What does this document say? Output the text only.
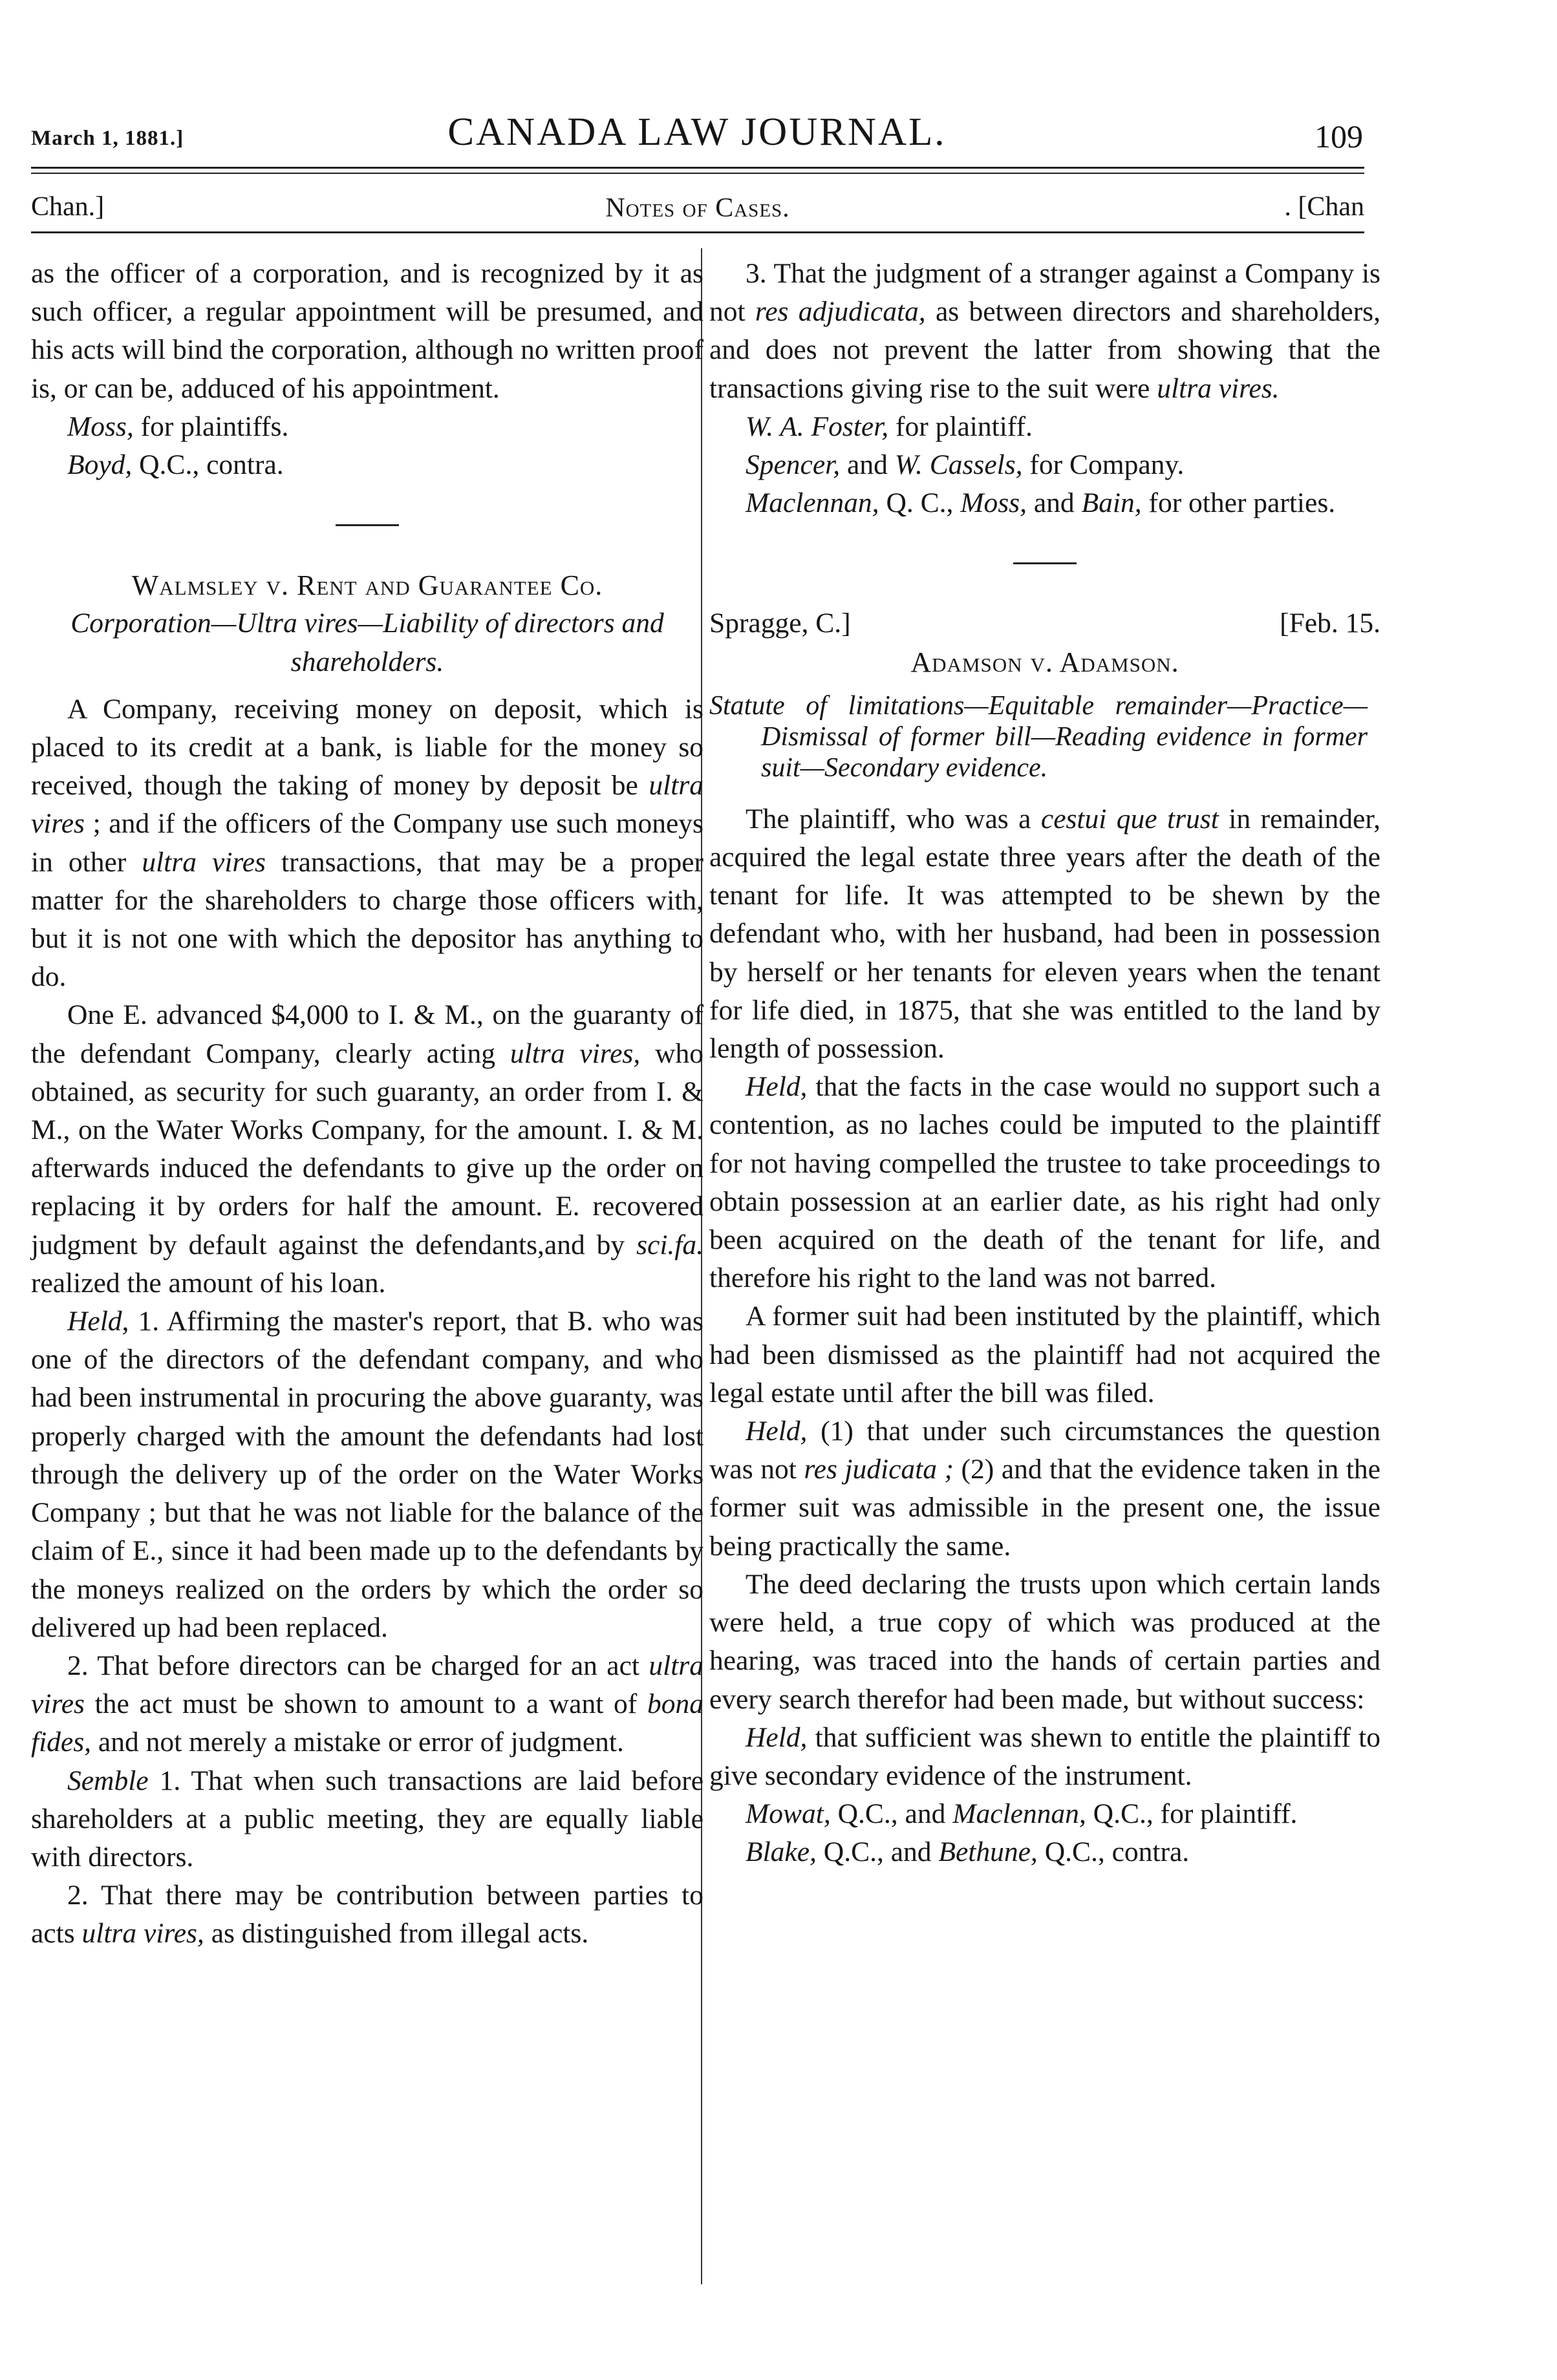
March 1, 1881.]	CANADA LAW JOURNAL.	109
Chan.]	Notes of Cases.	. [Chan

as the officer of a corporation, and is recognized by it as such officer, a regular appointment will be presumed, and his acts will bind the corporation, although no written proof is, or can be, adduced of his appointment.

Moss, for plaintiffs.

Boyd, Q.C., contra.

Walmsley v. Rent and Guarantee Co.

Corporation—Ultra vires—Liability of directors and shareholders.

A Company, receiving money on deposit, which is placed to its credit at a bank, is liable for the money so received, though the taking of money by deposit be ultra vires ; and if the officers of the Company use such moneys in other ultra vires transactions, that may be a proper matter for the shareholders to charge those officers with, but it is not one with which the depositor has anything to do.

One E. advanced $4,000 to I. & M., on the guaranty of the defendant Company, clearly acting ultra vires, who obtained, as security for such guaranty, an order from I. & M., on the Water Works Company, for the amount. I. & M. afterwards induced the defendants to give up the order on replacing it by orders for half the amount. E. recovered judgment by default against the defendants,and by sci.fa. realized the amount of his loan.

Held, 1. Affirming the master's report, that B. who was one of the directors of the defendant company, and who had been instrumental in procuring the above guaranty, was properly charged with the amount the defendants had lost through the delivery up of the order on the Water Works Company ; but that he was not liable for the balance of the claim of E., since it had been made up to the defendants by the moneys realized on the orders by which the order so delivered up had been replaced.

2. That before directors can be charged for an act ultra vires the act must be shown to amount to a want of bona fides, and not merely a mistake or error of judgment.

Semble 1. That when such transactions are laid before shareholders at a public meeting, they are equally liable with directors.

2. That there may be contribution between parties to acts ultra vires, as distinguished from illegal acts.

3. That the judgment of a stranger against a Company is not res adjudicata, as between directors and shareholders, and does not prevent the latter from showing that the transactions giving rise to the suit were ultra vires.

W. A. Foster, for plaintiff.

Spencer, and W. Cassels, for Company.

Maclennan, Q. C., Moss, and Bain, for other parties.

Spragge, C.]	[Feb. 15.

Adamson v. Adamson.

Statute of limitations—Equitable remainder—Practice—Dismissal of former bill—Reading evidence in former suit—Secondary evidence.

The plaintiff, who was a cestui que trust in remainder, acquired the legal estate three years after the death of the tenant for life. It was attempted to be shewn by the defendant who, with her husband, had been in possession by herself or her tenants for eleven years when the tenant for life died, in 1875, that she was entitled to the land by length of possession.

Held, that the facts in the case would no support such a contention, as no laches could be imputed to the plaintiff for not having compelled the trustee to take proceedings to obtain possession at an earlier date, as his right had only been acquired on the death of the tenant for life, and therefore his right to the land was not barred.

A former suit had been instituted by the plaintiff, which had been dismissed as the plaintiff had not acquired the legal estate until after the bill was filed.

Held, (1) that under such circumstances the question was not res judicata ; (2) and that the evidence taken in the former suit was admissible in the present one, the issue being practically the same.

The deed declaring the trusts upon which certain lands were held, a true copy of which was produced at the hearing, was traced into the hands of certain parties and every search therefor had been made, but without success:

Held, that sufficient was shewn to entitle the plaintiff to give secondary evidence of the instrument.

Mowat, Q.C., and Maclennan, Q.C., for plaintiff.

Blake, Q.C., and Bethune, Q.C., contra.
